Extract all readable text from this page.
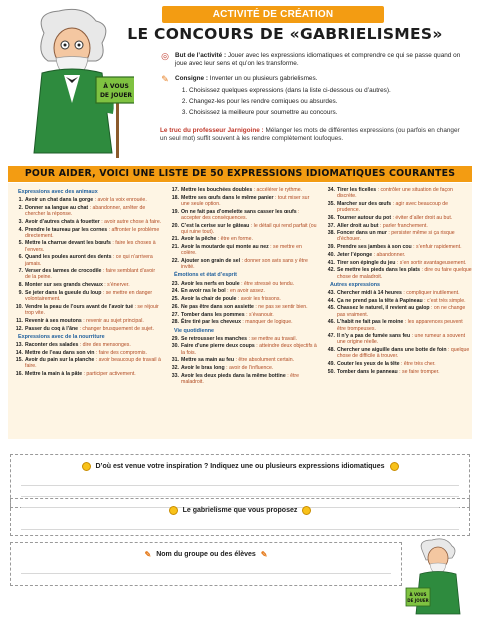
À VOUS
DE JOUER
ACTIVITÉ DE CRÉATION
LE CONCOURS DE «GABRIELISMES»
◎ But de l’activité : Jouer avec les expressions idiomatiques et comprendre ce qui se passe quand on joue avec leur sens et qu’on les transforme.
✎ Consigne : Inventer un ou plusieurs gabrielismes.
1. Choisissez quelques expressions (dans la liste ci-dessous ou d’autres).
2. Changez-les pour les rendre comiques ou absurdes.
3. Choisissez la meilleure pour soumettre au concours.
Le truc du professeur Jarnigoine : Mélanger les mots de différentes expressions (ou parfois en changer un seul mot) suffit souvent à les rendre complètement loufoques.
POUR AIDER, VOICI UNE LISTE DE 50 EXPRESSIONS IDIOMATIQUES COURANTES
Expressions avec des animaux
1. Avoir un chat dans la gorge : avoir la voix enrouée.
2. Donner sa langue au chat : abandonner, arrêter de chercher la réponse.
3. Avoir d’autres chats à fouetter : avoir autre chose à faire.
4. Prendre le taureau par les cornes : affronter le problème directement.
5. Mettre la charrue devant les bœufs : faire les choses à l’envers.
6. Quand les poules auront des dents : ce qui n’arrivera jamais.
7. Verser des larmes de crocodile : faire semblant d’avoir de la peine.
8. Monter sur ses grands chevaux : s’énerver.
9. Se jeter dans la gueule du loup : se mettre en danger volontairement.
10. Vendre la peau de l’ours avant de l’avoir tué : se réjouir trop vite.
11. Revenir à ses moutons : revenir au sujet principal.
12. Passer du coq à l’âne : changer brusquement de sujet.
Expressions avec de la nourriture
13. Raconter des salades : dire des mensonges.
14. Mettre de l’eau dans son vin : faire des compromis.
15. Avoir du pain sur la planche : avoir beaucoup de travail à faire.
16. Mettre la main à la pâte : participer activement.
17. Mettre les bouchées doubles : accélérer le rythme.
18. Mettre ses œufs dans le même panier : tout miser sur une seule option.
19. On ne fait pas d’omelette sans casser les œufs : accepter des conséquences.
20. C’est la cerise sur le gâteau : le détail qui rend parfait (ou qui ruine tout).
21. Avoir la pêche : être en forme.
21. Avoir la moutarde qui monte au nez : se mettre en colère.
22. Ajouter son grain de sel : donner son avis sans y être invité.
Émotions et état d’esprit
23. Avoir les nerfs en boule : être stressé ou tendu.
24. En avoir ras le bol : en avoir assez.
25. Avoir la chair de poule : avoir les frissons.
26. Ne pas être dans son assiette : ne pas se sentir bien.
27. Tomber dans les pommes : s’évanouir.
28. Être tiré par les cheveux : manquer de logique.
Vie quotidienne
29. Se retrousser les manches : se mettre au travail.
30. Faire d’une pierre deux coups : atteindre deux objectifs à la fois.
31. Mettre sa main au feu : être absolument certain.
32. Avoir le bras long : avoir de l’influence.
33. Avoir les deux pieds dans la même bottine : être maladroit.
34. Tirer les ficelles : contrôler une situation de façon discrète.
35. Marcher sur des œufs : agir avec beaucoup de prudence.
36. Tourner autour du pot : éviter d’aller droit au but.
37. Aller droit au but : parler franchement.
38. Foncer dans un mur : persister même si ça risque d’échouer.
39. Prendre ses jambes à son cou : s’enfuir rapidement.
40. Jeter l’éponge : abandonner.
41. Tirer son épingle du jeu : s’en sortir avantageusement.
42. Se mettre les pieds dans les plats : dire ou faire quelque chose de maladroit.
Autres expressions
43. Chercher midi à 14 heures : compliquer inutilement.
44. Ça ne prend pas la tête à Papineau : c’est très simple.
45. Chassez le naturel, il revient au galop : on ne change pas vraiment.
46. L’habit ne fait pas le moine : les apparences peuvent être trompeuses.
47. Il n’y a pas de fumée sans feu : une rumeur a souvent une origine réelle.
48. Chercher une aiguille dans une botte de foin : quelque chose de difficile à trouver.
49. Couter les yeux de la tête : être très cher.
50. Tomber dans le panneau : se faire tromper.
D’où est venue votre inspiration ? Indiquez une ou plusieurs expressions idiomatiques
Le gabrielisme que vous proposez
✎ Nom du groupe ou des élèves ✎
À VOUS
DE JOUER
